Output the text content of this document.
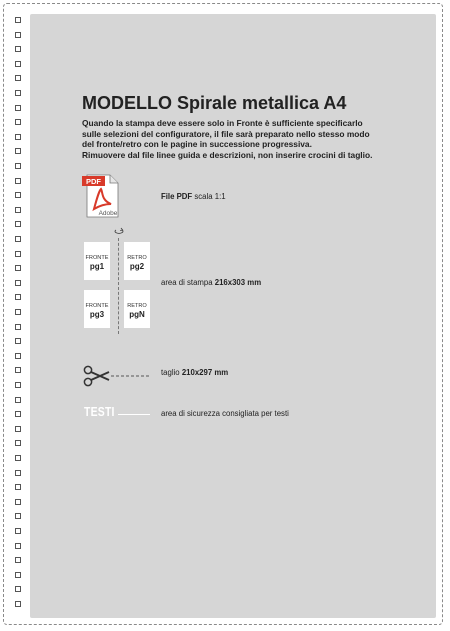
MODELLO Spirale metallica A4
Quando la stampa deve essere solo in Fronte è sufficiente specificarlo
sulle selezioni del configuratore, il file sarà preparato nello stesso modo
del fronte/retro con le pagine in successione progressiva.
Rimuovere dal file linee guida e descrizioni, non inserire crocini di taglio.
PDF
Adobe
File PDF scala 1:1
FRONTE
pg1
RETRO
pg2
FRONTE
pg3
RETRO
pgN
area di stampa 216x303 mm
taglio 210x297 mm
TESTI	area di sicurezza consigliata per testi
